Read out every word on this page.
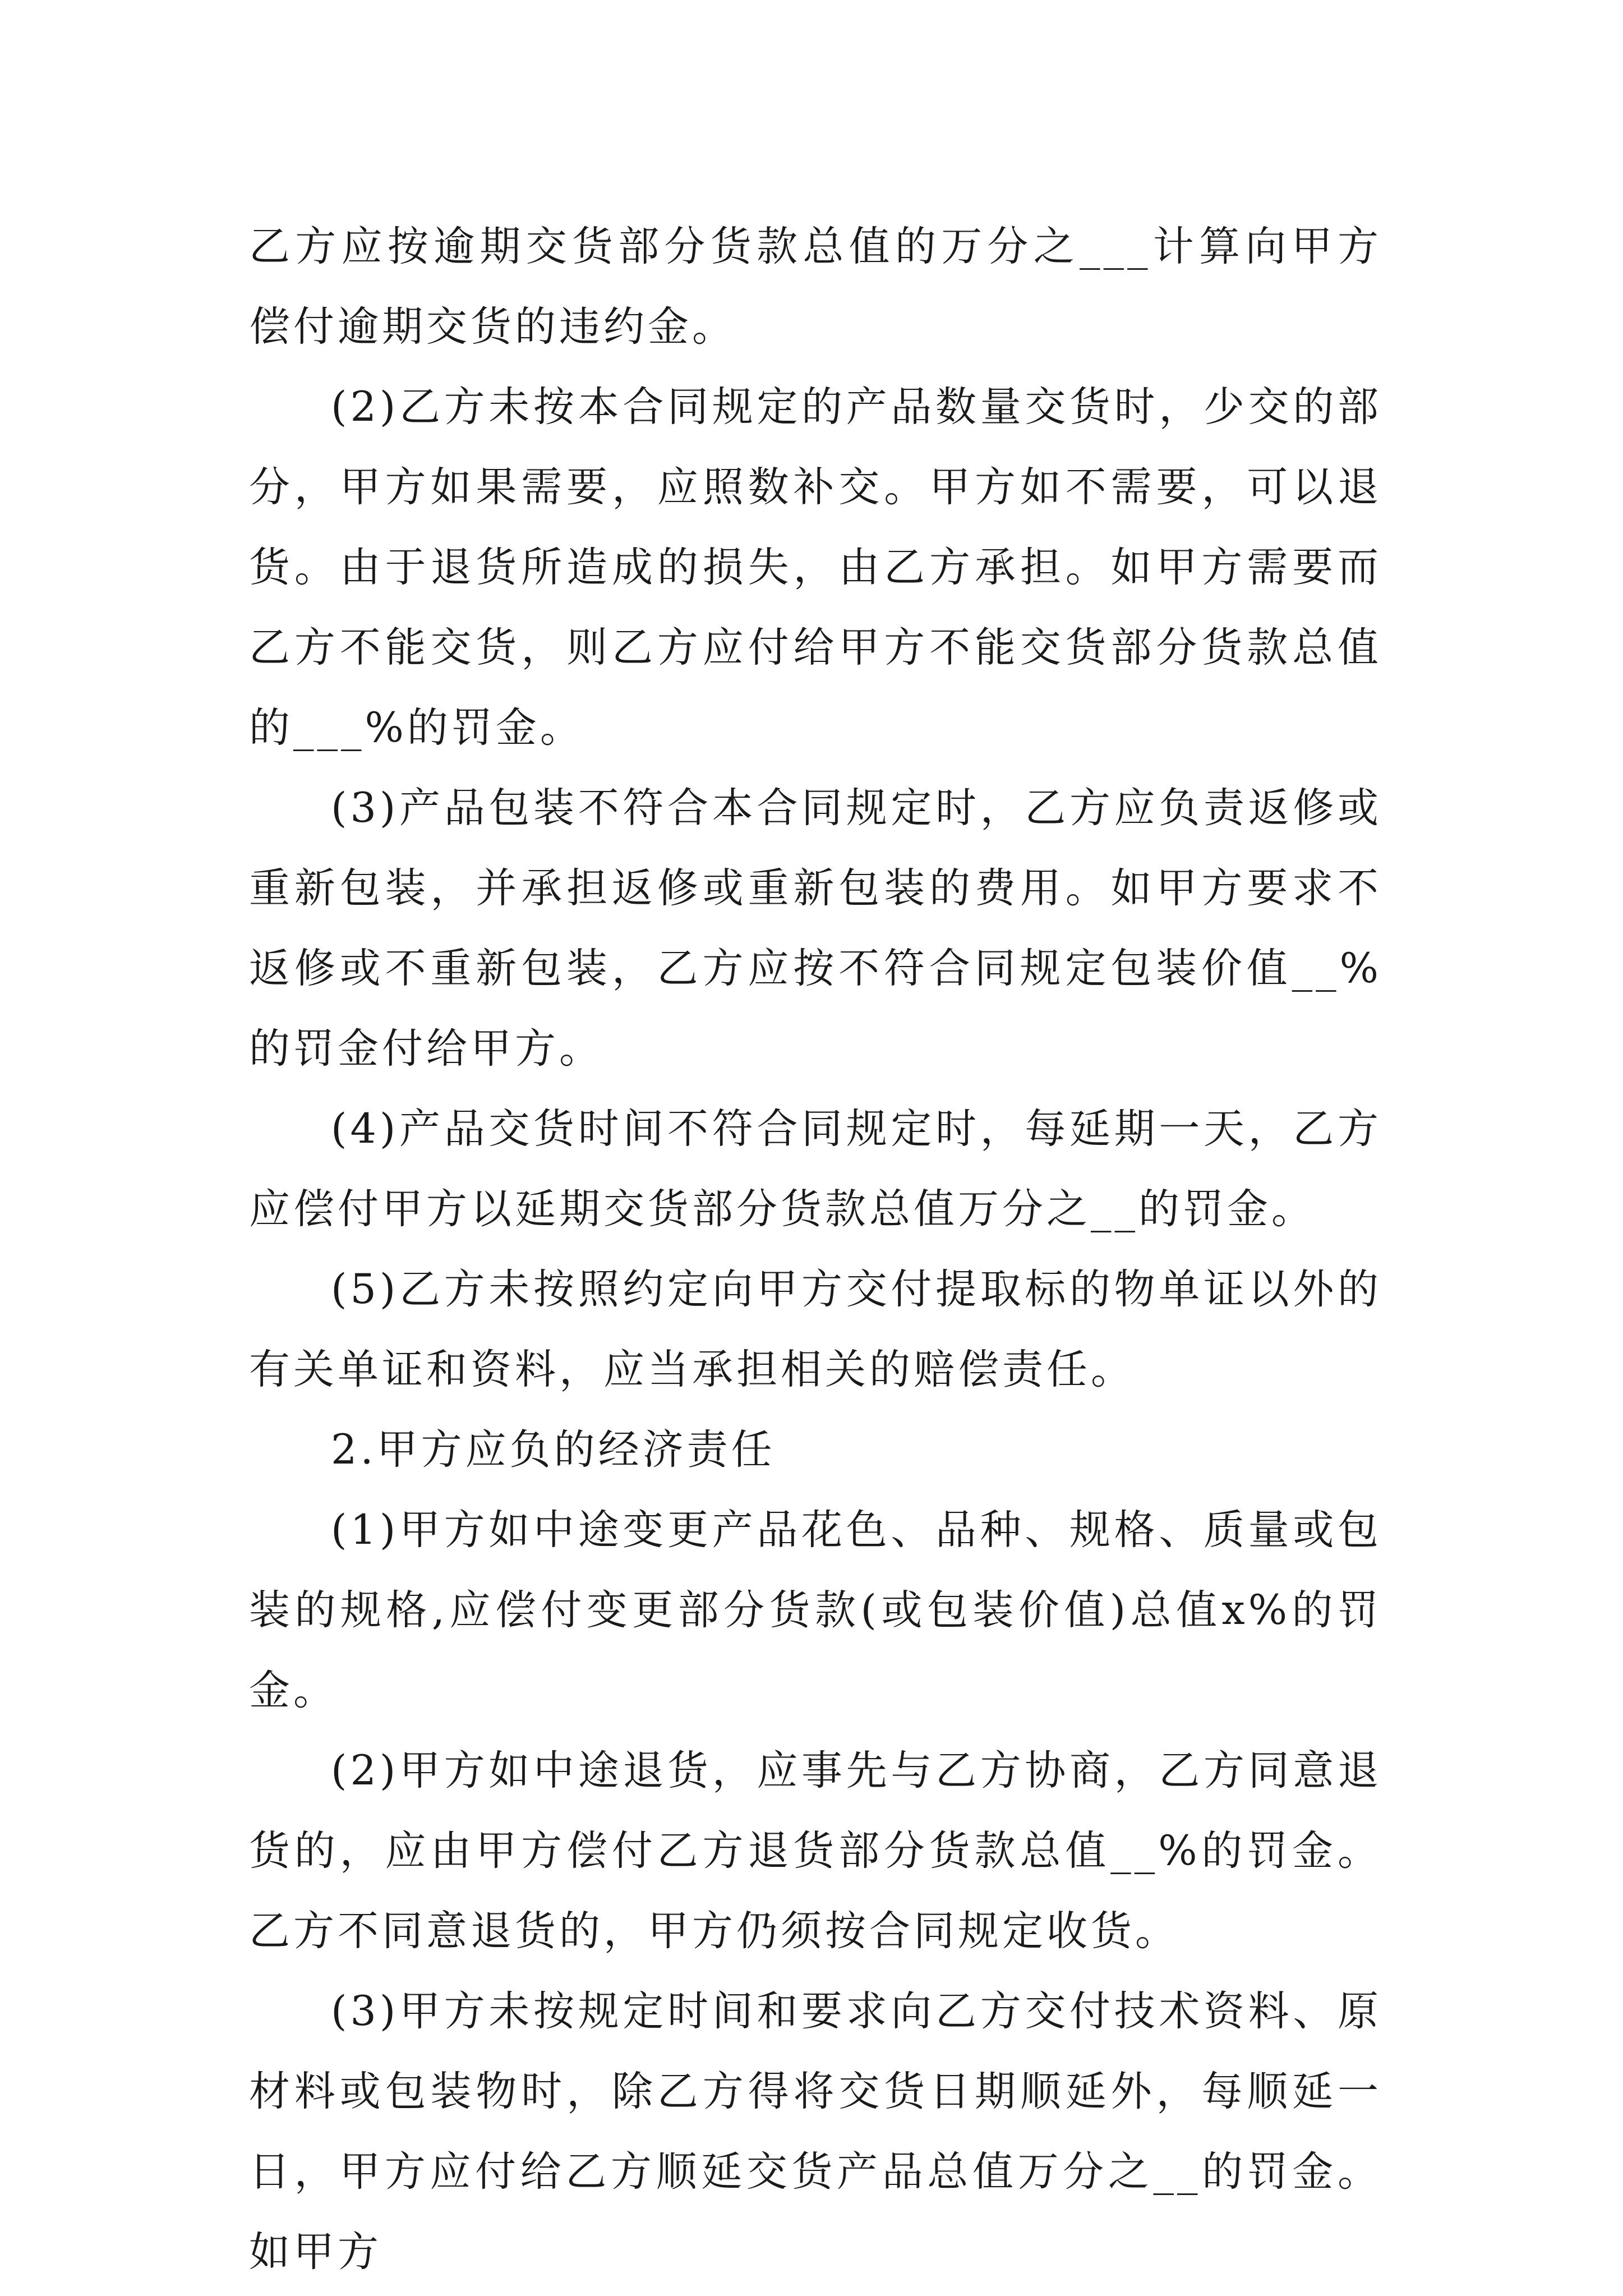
乙方应按逾期交货部分货款总值的万分之___计算向甲方偿付逾期交货的违约金。

(2)乙方未按本合同规定的产品数量交货时，少交的部分，甲方如果需要，应照数补交。甲方如不需要，可以退货。由于退货所造成的损失，由乙方承担。如甲方需要而乙方不能交货，则乙方应付给甲方不能交货部分货款总值的___%的罚金。

(3)产品包装不符合本合同规定时，乙方应负责返修或重新包装，并承担返修或重新包装的费用。如甲方要求不返修或不重新包装，乙方应按不符合同规定包装价值__%的罚金付给甲方。

(4)产品交货时间不符合同规定时，每延期一天，乙方应偿付甲方以延期交货部分货款总值万分之__的罚金。

(5)乙方未按照约定向甲方交付提取标的物单证以外的有关单证和资料，应当承担相关的赔偿责任。

2.甲方应负的经济责任

(1)甲方如中途变更产品花色、品种、规格、质量或包装的规格,应偿付变更部分货款(或包装价值)总值x%的罚金。

(2)甲方如中途退货，应事先与乙方协商，乙方同意退货的，应由甲方偿付乙方退货部分货款总值__%的罚金。乙方不同意退货的，甲方仍须按合同规定收货。

(3)甲方未按规定时间和要求向乙方交付技术资料、原材料或包装物时，除乙方得将交货日期顺延外，每顺延一日，甲方应付给乙方顺延交货产品总值万分之__的罚金。如甲方
